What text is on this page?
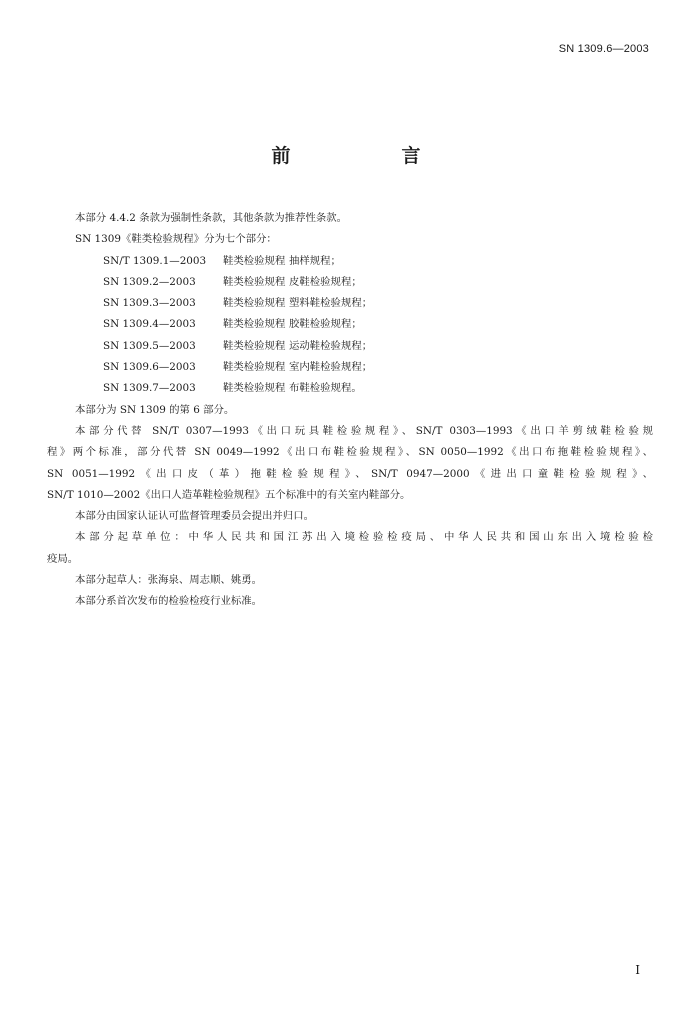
SN 1309.6—2003
前　言

本部分 4.4.2 条款为强制性条款，其他条款为推荐性条款。

SN 1309《鞋类检验规程》分为七个部分：

SN/T 1309.1—2003 鞋类检验规程 抽样规程；

SN 1309.2—2003	鞋类检验规程 皮鞋检验规程；

SN 1309.3—2003	鞋类检验规程 塑料鞋检验规程；

SN 1309.4—2003	鞋类检验规程 胶鞋检验规程；

SN 1309.5—2003	鞋类检验规程 运动鞋检验规程；

SN 1309.6—2003	鞋类检验规程 室内鞋检验规程；

SN 1309.7—2003	鞋类检验规程 布鞋检验规程。

本部分为 SN 1309 的第 6 部分。

本部分代替 SN/T 0307—1993《出口玩具鞋检验规程》、SN/T 0303—1993《出口羊剪绒鞋检验规

程》两个标准，部分代替 SN 0049—1992《出口布鞋检验规程》、SN 0050—1992《出口布拖鞋检验规程》、

SN 0051—1992《出口皮（革）拖鞋检验规程》、SN/T 0947—2000《进出口童鞋检验规程》、

SN/T 1010—2002《出口人造革鞋检验规程》五个标准中的有关室内鞋部分。

本部分由国家认证认可监督管理委员会提出并归口。

本部分起草单位：中华人民共和国江苏出入境检验检疫局、中华人民共和国山东出入境检验检

疫局。

本部分起草人：张海泉、周志顺、姚勇。

本部分系首次发布的检验检疫行业标准。

I
